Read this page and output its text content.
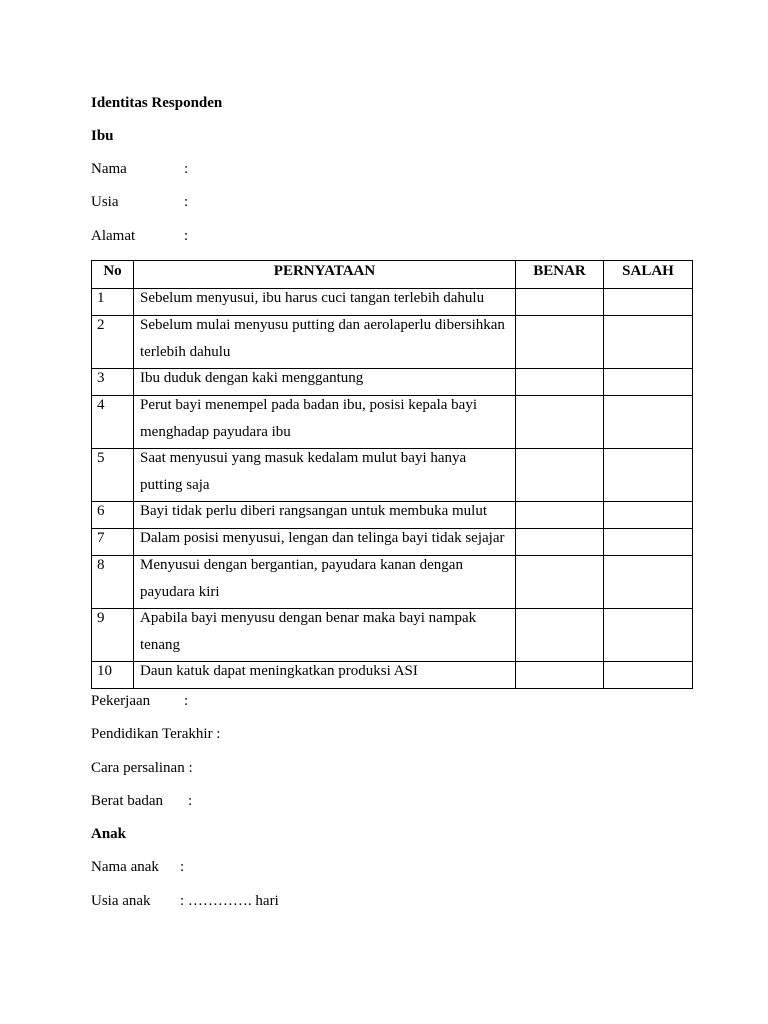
Identitas Responden
Ibu
Nama	:
Usia	:
Alamat	:
No	PERNYATAAN	BENAR	SALAH

1	Sebelum menyusui, ibu harus cuci tangan terlebih dahulu		

2	Sebelum mulai menyusu putting dan aerolaperlu dibersihkan terlebih dahulu		

3	Ibu duduk dengan kaki menggantung		

4	Perut bayi menempel pada badan ibu, posisi kepala bayi menghadap payudara ibu		

5	Saat menyusui yang masuk kedalam mulut bayi hanya putting saja		

6	Bayi tidak perlu diberi rangsangan untuk membuka mulut		

7	Dalam posisi menyusui, lengan dan telinga bayi tidak sejajar		

8	Menyusui dengan bergantian, payudara kanan dengan payudara kiri		

9	Apabila bayi menyusu dengan benar maka bayi nampak tenang		

10	Daun katuk dapat meningkatkan produksi ASI		

Pekerjaan :
Pendidikan Terakhir :
Cara persalinan :
Berat badan :
Anak
Nama anak :
Usia anak : …………. hari
